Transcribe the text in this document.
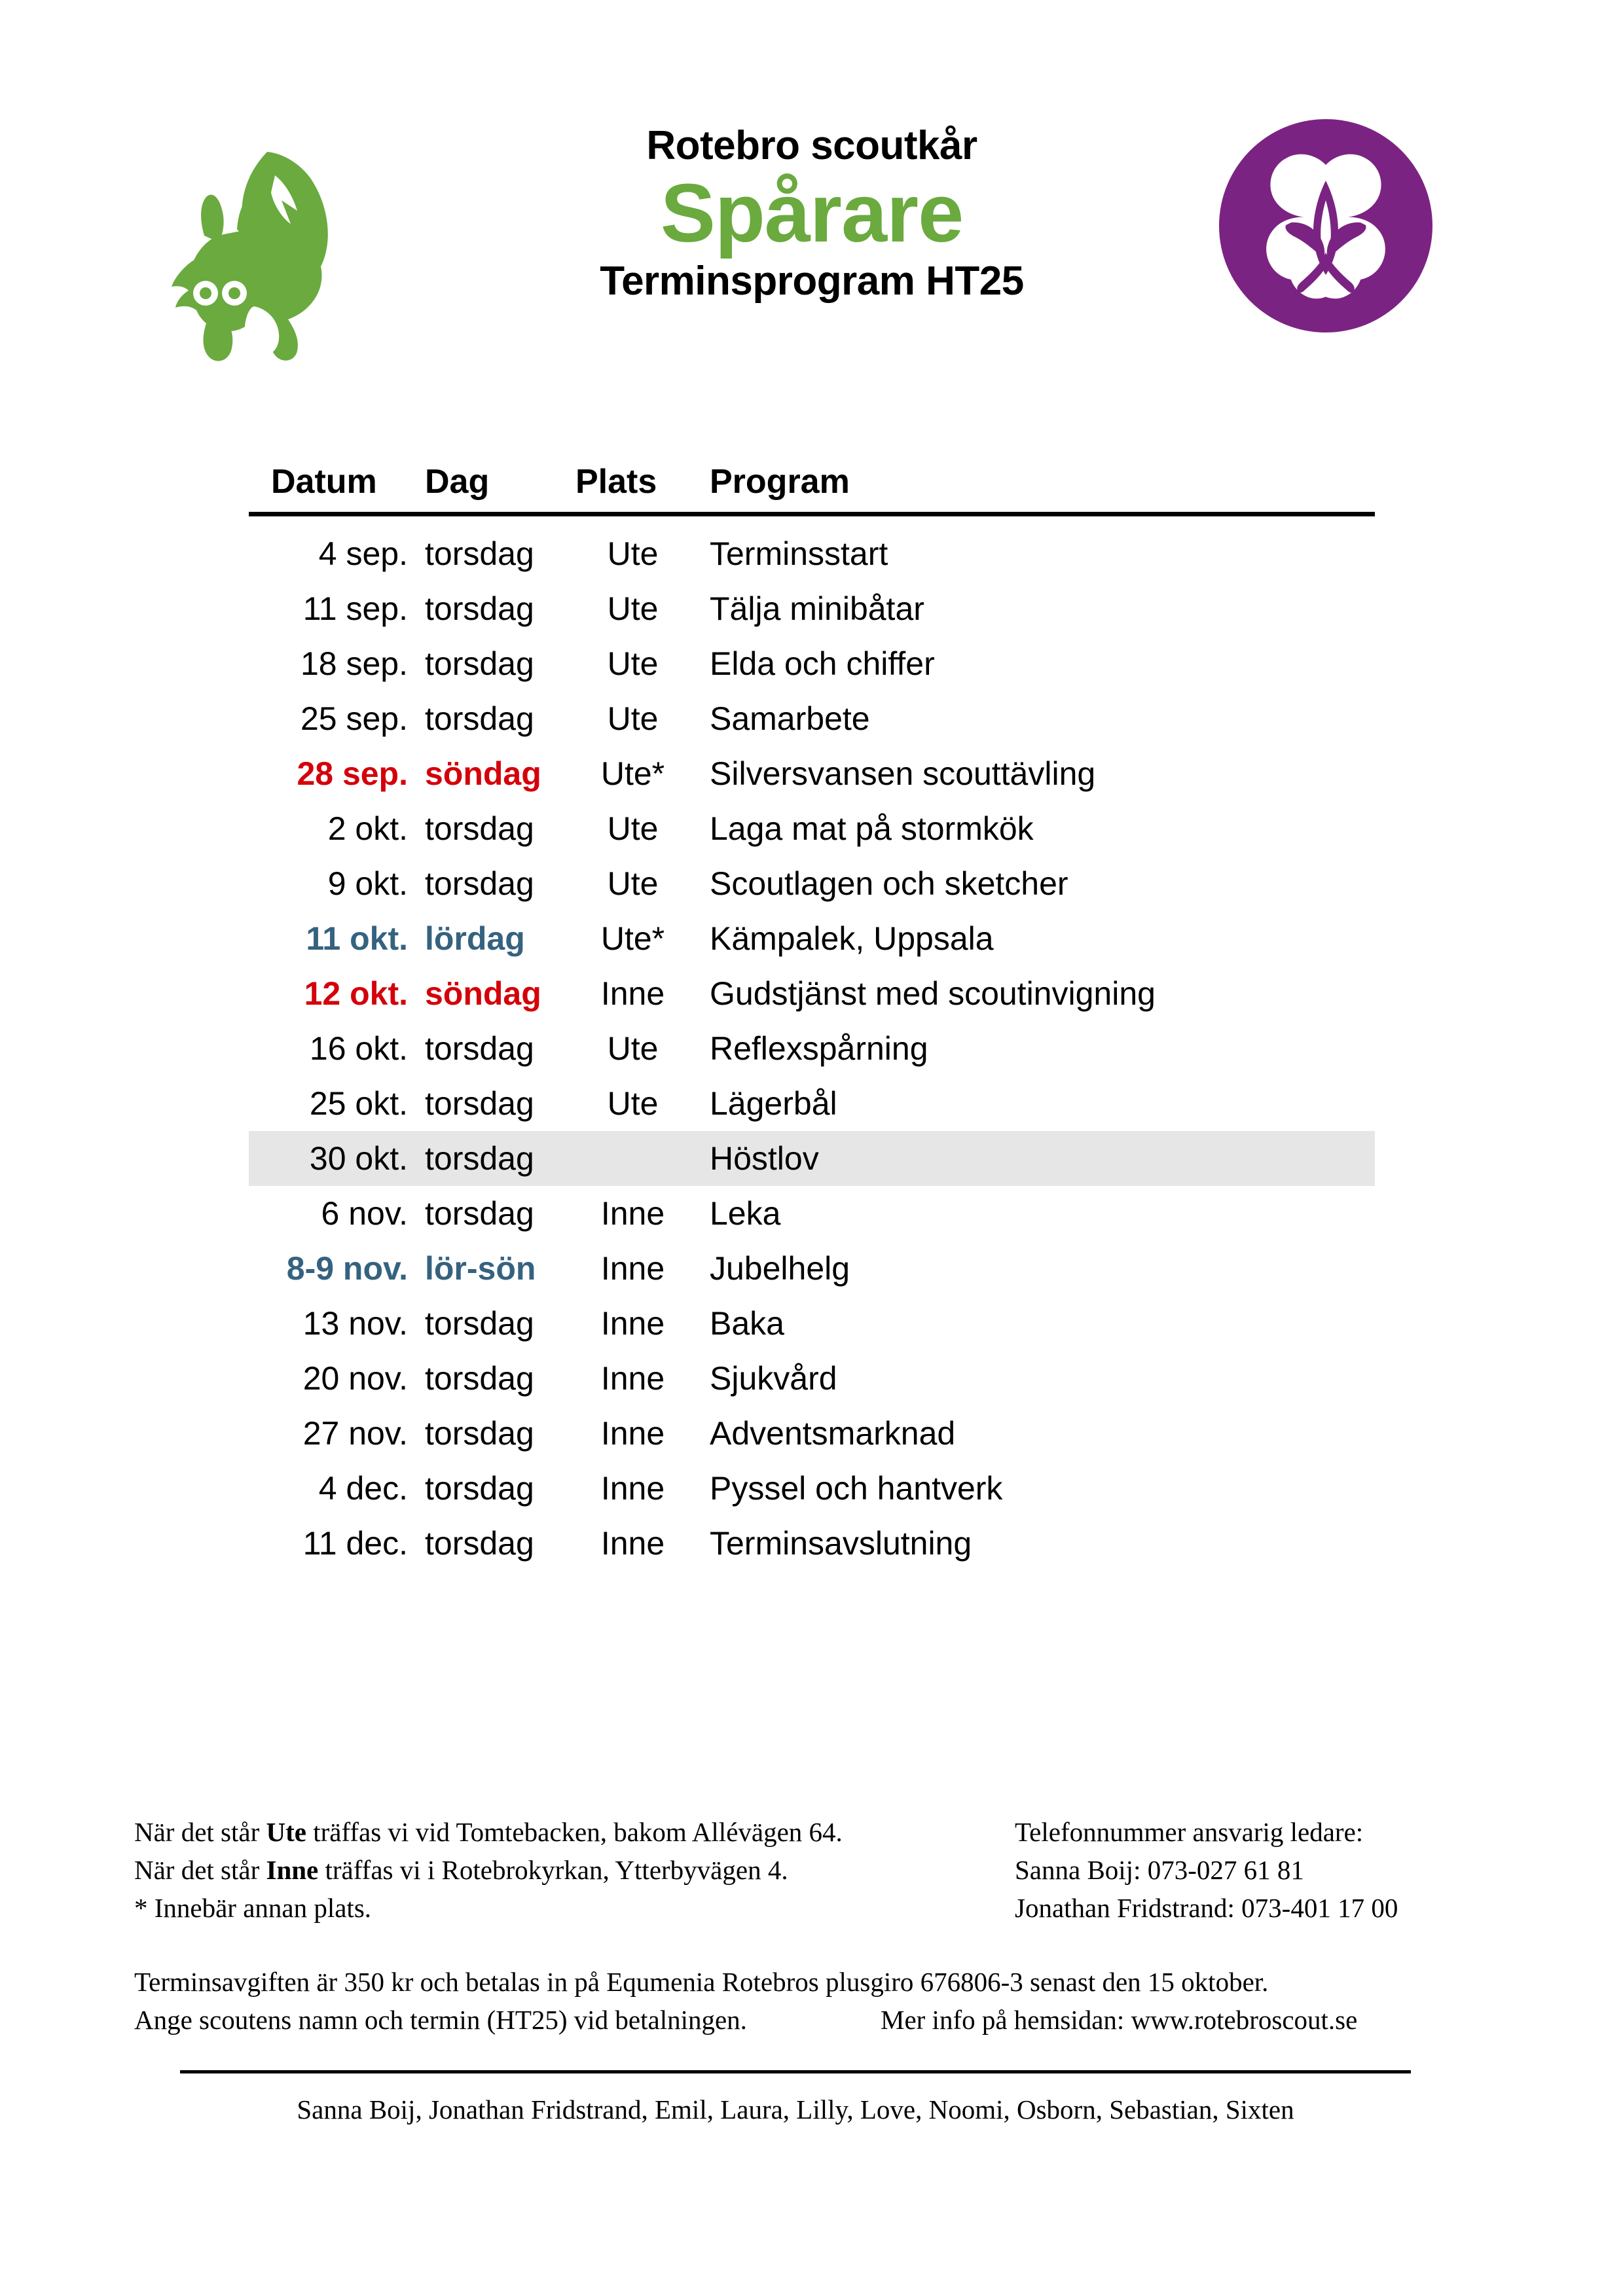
Rotebro scoutkår
Spårare
Terminsprogram HT25
Datum	Dag	Plats	Program
4 sep.	torsdag	Ute	Terminsstart
11 sep.	torsdag	Ute	Tälja minibåtar
18 sep.	torsdag	Ute	Elda och chiffer
25 sep.	torsdag	Ute	Samarbete
28 sep.	söndag	Ute*	Silversvansen scouttävling
2 okt.	torsdag	Ute	Laga mat på stormkök
9 okt.	torsdag	Ute	Scoutlagen och sketcher
11 okt.	lördag	Ute*	Kämpalek, Uppsala
12 okt.	söndag	Inne	Gudstjänst med scoutinvigning
16 okt.	torsdag	Ute	Reflexspårning
25 okt.	torsdag	Ute	Lägerbål
30 okt.	torsdag		Höstlov
6 nov.	torsdag	Inne	Leka
8-9 nov.	lör-sön	Inne	Jubelhelg
13 nov.	torsdag	Inne	Baka
20 nov.	torsdag	Inne	Sjukvård
27 nov.	torsdag	Inne	Adventsmarknad
4 dec.	torsdag	Inne	Pyssel och hantverk
11 dec.	torsdag	Inne	Terminsavslutning
När det står Ute träffas vi vid Tomtebacken, bakom Allévägen 64.
När det står Inne träffas vi i Rotebrokyrkan, Ytterbyvägen 4.
* Innebär annan plats.
Telefonnummer ansvarig ledare:
Sanna Boij: 073-027 61 81
Jonathan Fridstrand: 073-401 17 00
Terminsavgiften är 350 kr och betalas in på Equmenia Rotebros plusgiro 676806-3 senast den 15 oktober.
Ange scoutens namn och termin (HT25) vid betalningen.	Mer info på hemsidan: www.rotebroscout.se
Sanna Boij, Jonathan Fridstrand, Emil, Laura, Lilly, Love, Noomi, Osborn, Sebastian, Sixten
